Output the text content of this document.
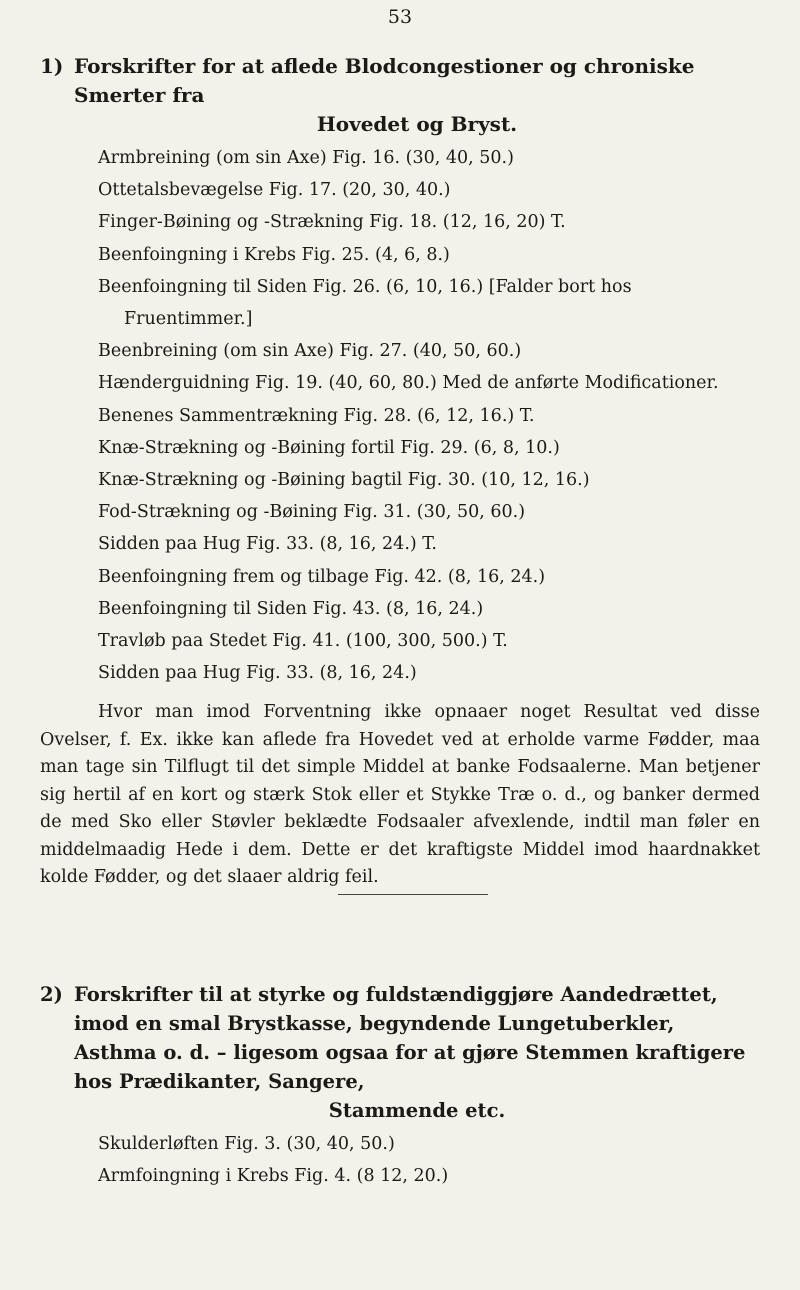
53
1) Forskrifter for at aflede Blodcongestioner og chroniske Smerter fra
Hovedet og Bryst.
Armbreining (om sin Axe) Fig. 16. (30, 40, 50.)
Ottetalsbevægelse Fig. 17. (20, 30, 40.)
Finger-Bøining og -Strækning Fig. 18. (12, 16, 20) T.
Beenfoingning i Krebs Fig. 25. (4, 6, 8.)
Beenfoingning til Siden Fig. 26. (6, 10, 16.) [Falder bort hos Fruentimmer.]
Beenbreining (om sin Axe) Fig. 27. (40, 50, 60.)
Hænderguidning Fig. 19. (40, 60, 80.) Med de anførte Modificationer.
Benenes Sammentrækning Fig. 28. (6, 12, 16.) T.
Knæ-Strækning og -Bøining fortil Fig. 29. (6, 8, 10.)
Knæ-Strækning og -Bøining bagtil Fig. 30. (10, 12, 16.)
Fod-Strækning og -Bøining Fig. 31. (30, 50, 60.)
Sidden paa Hug Fig. 33. (8, 16, 24.) T.
Beenfoingning frem og tilbage Fig. 42. (8, 16, 24.)
Beenfoingning til Siden Fig. 43. (8, 16, 24.)
Travløb paa Stedet Fig. 41. (100, 300, 500.) T.
Sidden paa Hug Fig. 33. (8, 16, 24.)

Hvor man imod Forventning ikke opnaaer noget Resultat ved disse Ovelser, f. Ex. ikke kan aflede fra Hovedet ved at erholde varme Fødder, maa man tage sin Tilflugt til det simple Middel at banke Fodsaalerne. Man betjener sig hertil af en kort og stærk Stok eller et Stykke Træ o. d., og banker dermed de med Sko eller Støvler beklædte Fodsaaler afvexlende, indtil man føler en middelmaadig Hede i dem. Dette er det kraftigste Middel imod haardnakket kolde Fødder, og det slaaer aldrig feil.

2) Forskrifter til at styrke og fuldstændiggjøre Aandedrættet, imod en smal Brystkasse, begyndende Lungetuberkler, Asthma o. d. – ligesom ogsaa for at gjøre Stemmen kraftigere hos Prædikanter, Sangere,
Stammende etc.
Skulderløften Fig. 3. (30, 40, 50.)
Armfoingning i Krebs Fig. 4. (8 12, 20.)
